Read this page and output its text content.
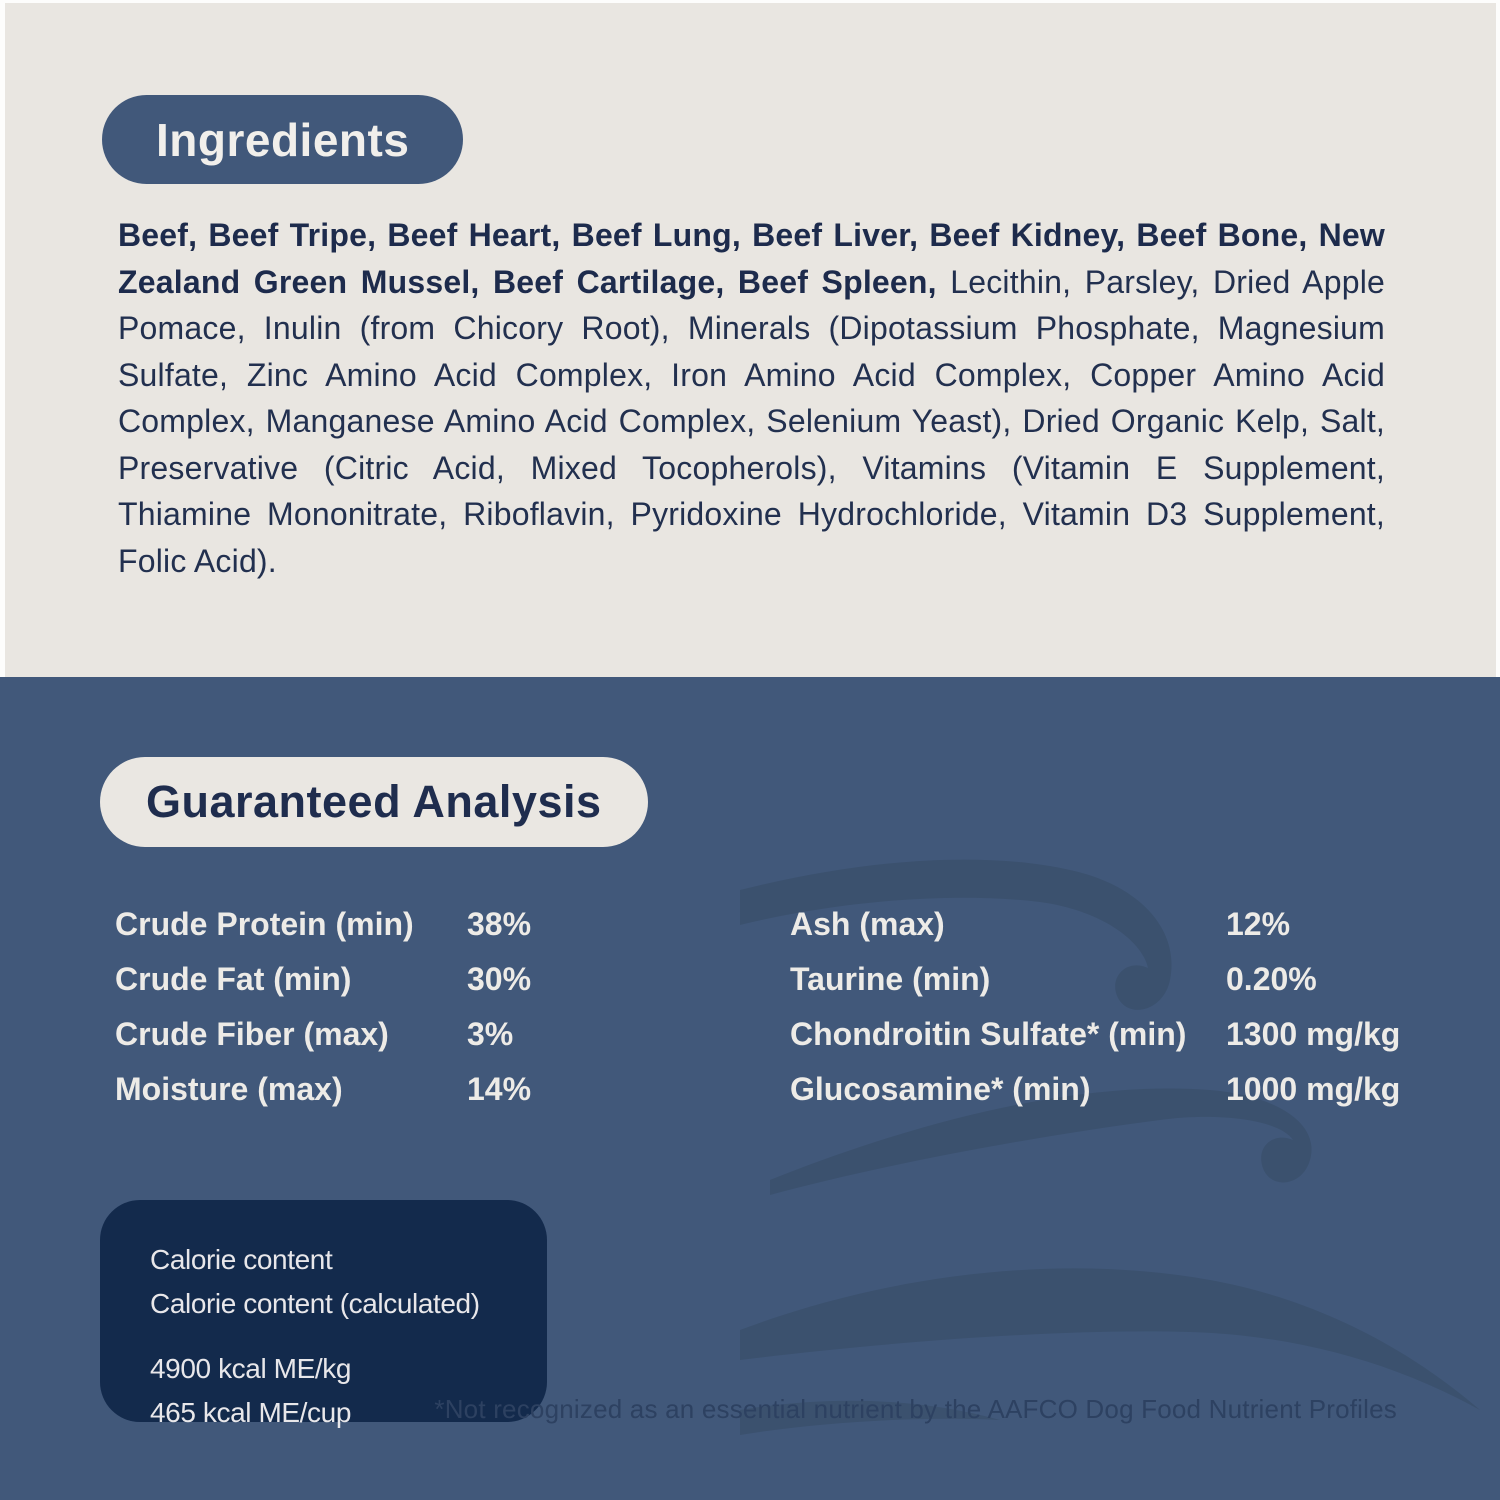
Ingredients

Beef, Beef Tripe, Beef Heart, Beef Lung, Beef Liver, Beef Kidney, Beef Bone, New Zealand Green Mussel, Beef Cartilage, Beef Spleen, Lecithin, Parsley, Dried Apple Pomace, Inulin (from Chicory Root), Minerals (Dipotassium Phosphate, Magnesium Sulfate, Zinc Amino Acid Complex, Iron Amino Acid Complex, Copper Amino Acid Complex, Manganese Amino Acid Complex, Selenium Yeast), Dried Organic Kelp, Salt, Preservative (Citric Acid, Mixed Tocopherols), Vitamins (Vitamin E Supplement, Thiamine Mononitrate, Riboflavin, Pyridoxine Hydrochloride, Vitamin D3 Supplement, Folic Acid).

Guaranteed Analysis
Crude Protein (min)	38%
Crude Fat (min)	30%
Crude Fiber (max)	3%
Moisture (max)	14%
Ash (max)	12%
Taurine (min)	0.20%
Chondroitin Sulfate* (min)	1300 mg/kg
Glucosamine* (min)	1000 mg/kg

Calorie content

Calorie content (calculated)

4900 kcal ME/kg

465 kcal ME/cup	*Not recognized as an essential nutrient by the AAFCO Dog Food Nutrient Profiles
